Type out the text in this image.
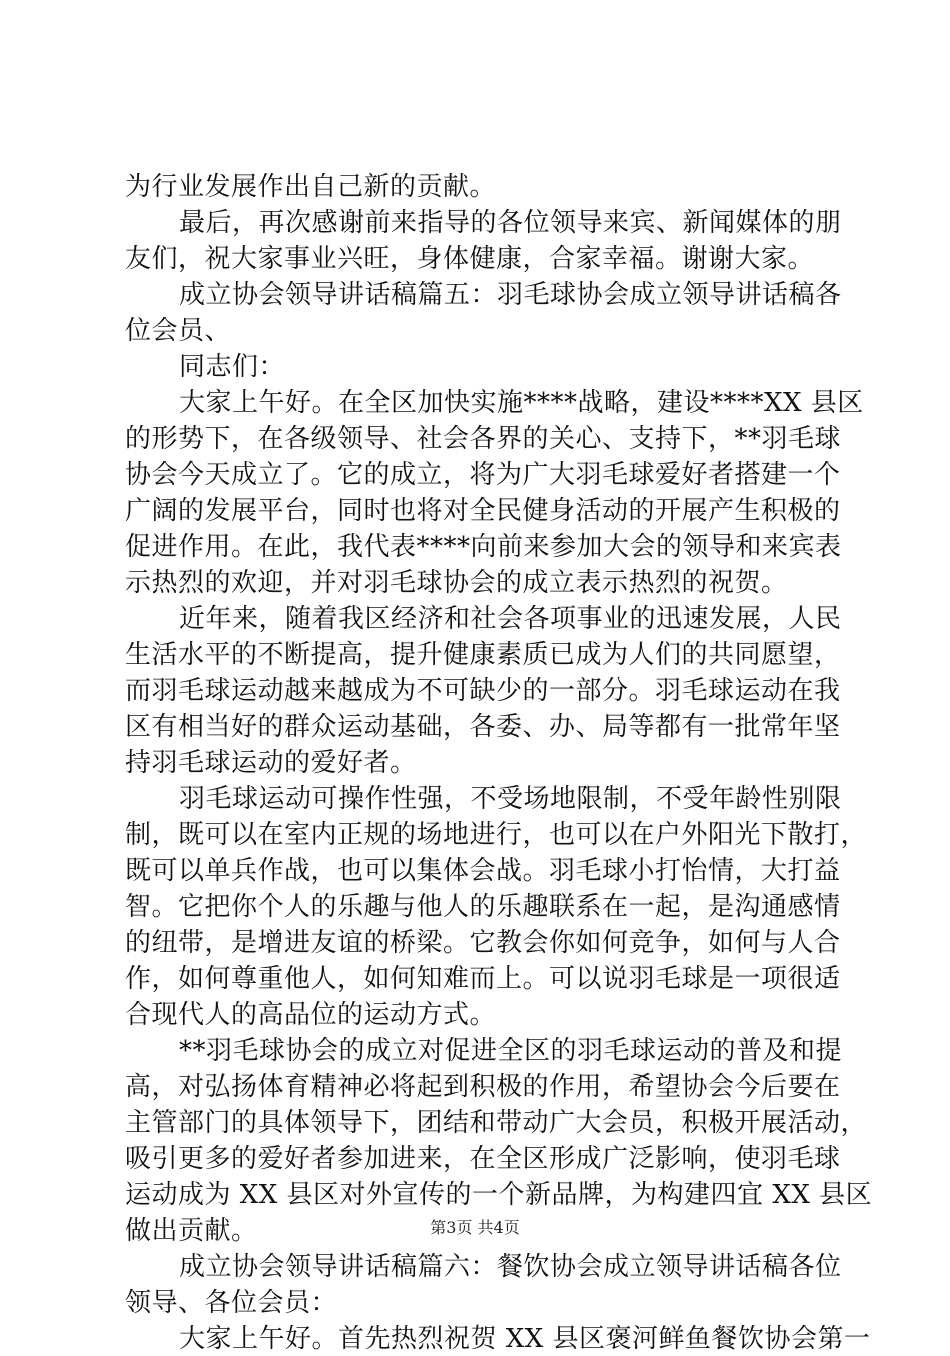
为行业发展作出自己新的贡献。
最后，再次感谢前来指导的各位领导来宾、新闻媒体的朋
友们，祝大家事业兴旺，身体健康，合家幸福。谢谢大家。
成立协会领导讲话稿篇五：羽毛球协会成立领导讲话稿各
位会员、
同志们：
大家上午好。在全区加快实施****战略，建设****XX 县区
的形势下，在各级领导、社会各界的关心、支持下，**羽毛球
协会今天成立了。它的成立，将为广大羽毛球爱好者搭建一个
广阔的发展平台，同时也将对全民健身活动的开展产生积极的
促进作用。在此，我代表****向前来参加大会的领导和来宾表
示热烈的欢迎，并对羽毛球协会的成立表示热烈的祝贺。
近年来，随着我区经济和社会各项事业的迅速发展，人民
生活水平的不断提高，提升健康素质已成为人们的共同愿望，
而羽毛球运动越来越成为不可缺少的一部分。羽毛球运动在我
区有相当好的群众运动基础，各委、办、局等都有一批常年坚
持羽毛球运动的爱好者。
羽毛球运动可操作性强，不受场地限制，不受年龄性别限
制，既可以在室内正规的场地进行，也可以在户外阳光下散打，
既可以单兵作战，也可以集体会战。羽毛球小打怡情，大打益
智。它把你个人的乐趣与他人的乐趣联系在一起，是沟通感情
的纽带，是增进友谊的桥梁。它教会你如何竞争，如何与人合
作，如何尊重他人，如何知难而上。可以说羽毛球是一项很适
合现代人的高品位的运动方式。
**羽毛球协会的成立对促进全区的羽毛球运动的普及和提
高，对弘扬体育精神必将起到积极的作用，希望协会今后要在
主管部门的具体领导下，团结和带动广大会员，积极开展活动，
吸引更多的爱好者参加进来，在全区形成广泛影响，使羽毛球
运动成为 XX 县区对外宣传的一个新品牌，为构建四宜 XX 县区
做出贡献。
成立协会领导讲话稿篇六：餐饮协会成立领导讲话稿各位
领导、各位会员：
大家上午好。首先热烈祝贺 XX 县区褒河鲜鱼餐饮协会第一
第3页 共4页
